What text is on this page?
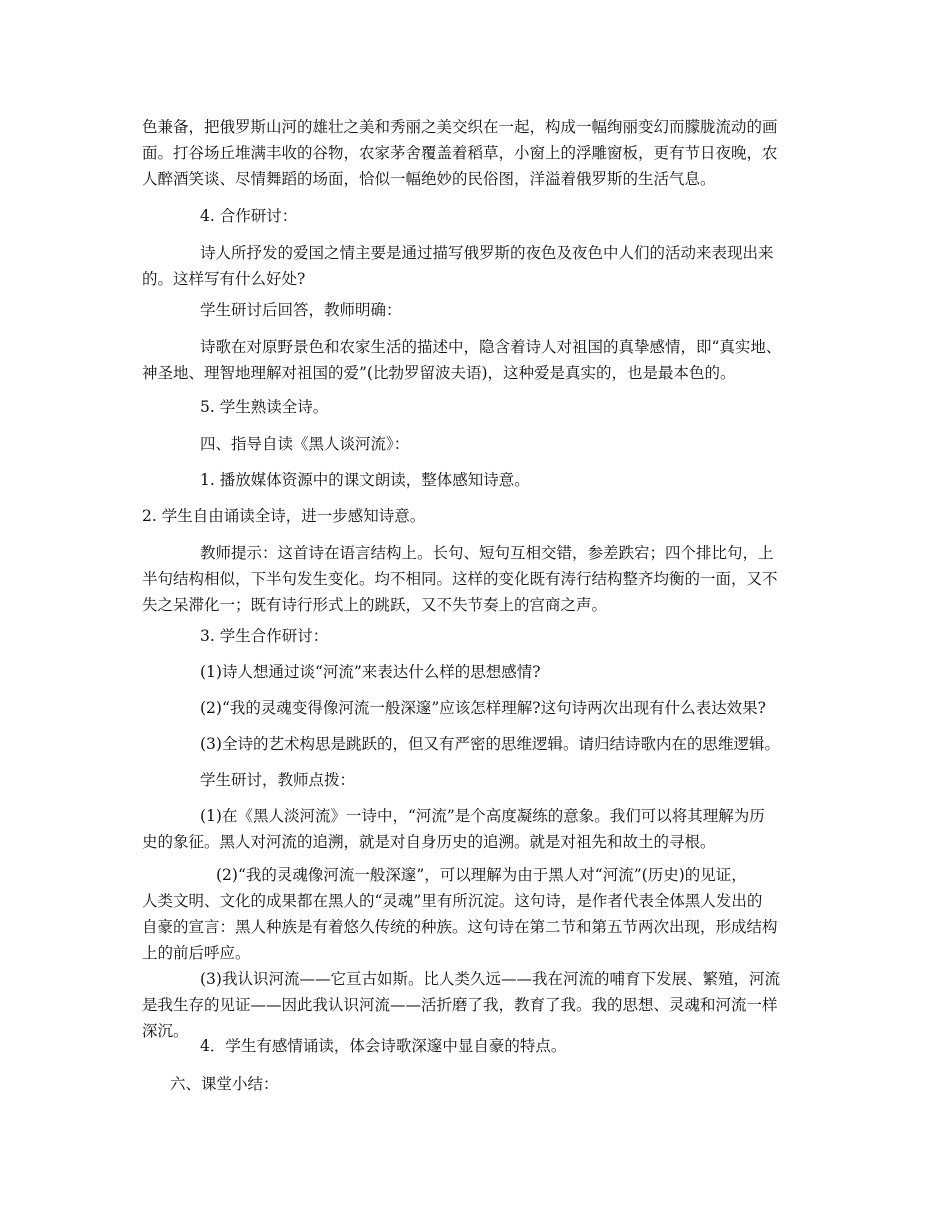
色兼备，把俄罗斯山河的雄壮之美和秀丽之美交织在一起，构成一幅绚丽变幻而朦胧流动的画
面。打谷场丘堆满丰收的谷物，农家茅舍覆盖着稻草，小窗上的浮雕窗板，更有节日夜晚，农
人醉酒笑谈、尽情舞蹈的场面，恰似一幅绝妙的民俗图，洋溢着俄罗斯的生活气息。

4. 合作研讨：

诗人所抒发的爱国之情主要是通过描写俄罗斯的夜色及夜色中人们的活动来表现出来
的。这样写有什么好处?

学生研讨后回答，教师明确：

诗歌在对原野景色和农家生活的描述中，隐含着诗人对祖国的真挚感情，即“真实地、
神圣地、理智地理解对祖国的爱”(比勃罗留波夫语)，这种爱是真实的，也是最本色的。

5. 学生熟读全诗。

四、指导自读《黑人谈河流》：

1. 播放媒体资源中的课文朗读，整体感知诗意。

2. 学生自由诵读全诗，进一步感知诗意。

教师提示：这首诗在语言结构上。长句、短句互相交错，参差跌宕；四个排比句，上
半句结构相似，下半句发生变化。均不相同。这样的变化既有涛行结构整齐均衡的一面，又不
失之呆滞化一；既有诗行形式上的跳跃，又不失节奏上的宫商之声。

3. 学生合作研讨：

(1)诗人想通过谈“河流”来表达什么样的思想感情?

(2)“我的灵魂变得像河流一般深邃”应该怎样理解?这句诗两次出现有什么表达效果?

(3)全诗的艺术构思是跳跃的，但又有严密的思维逻辑。请归结诗歌内在的思维逻辑。

学生研讨，教师点拨：

(1)在《黑人淡河流》一诗中，“河流”是个高度凝练的意象。我们可以将其理解为历
史的象征。黑人对河流的追溯，就是对自身历史的追溯。就是对祖先和故土的寻根。

(2)“我的灵魂像河流一般深邃”，可以理解为由于黑人对“河流”(历史)的见证，
人类文明、文化的成果都在黑人的“灵魂”里有所沉淀。这句诗，是作者代表全体黑人发出的
自豪的宣言：黑人种族是有着悠久传统的种族。这句诗在第二节和第五节两次出现，形成结构
上的前后呼应。

(3)我认识河流——它亘古如斯。比人类久远——我在河流的哺育下发展、繁殖，河流
是我生存的见证——因此我认识河流——活折磨了我，教育了我。我的思想、灵魂和河流一样
深沉。

4．学生有感情诵读，体会诗歌深邃中显自豪的特点。

六、课堂小结：
